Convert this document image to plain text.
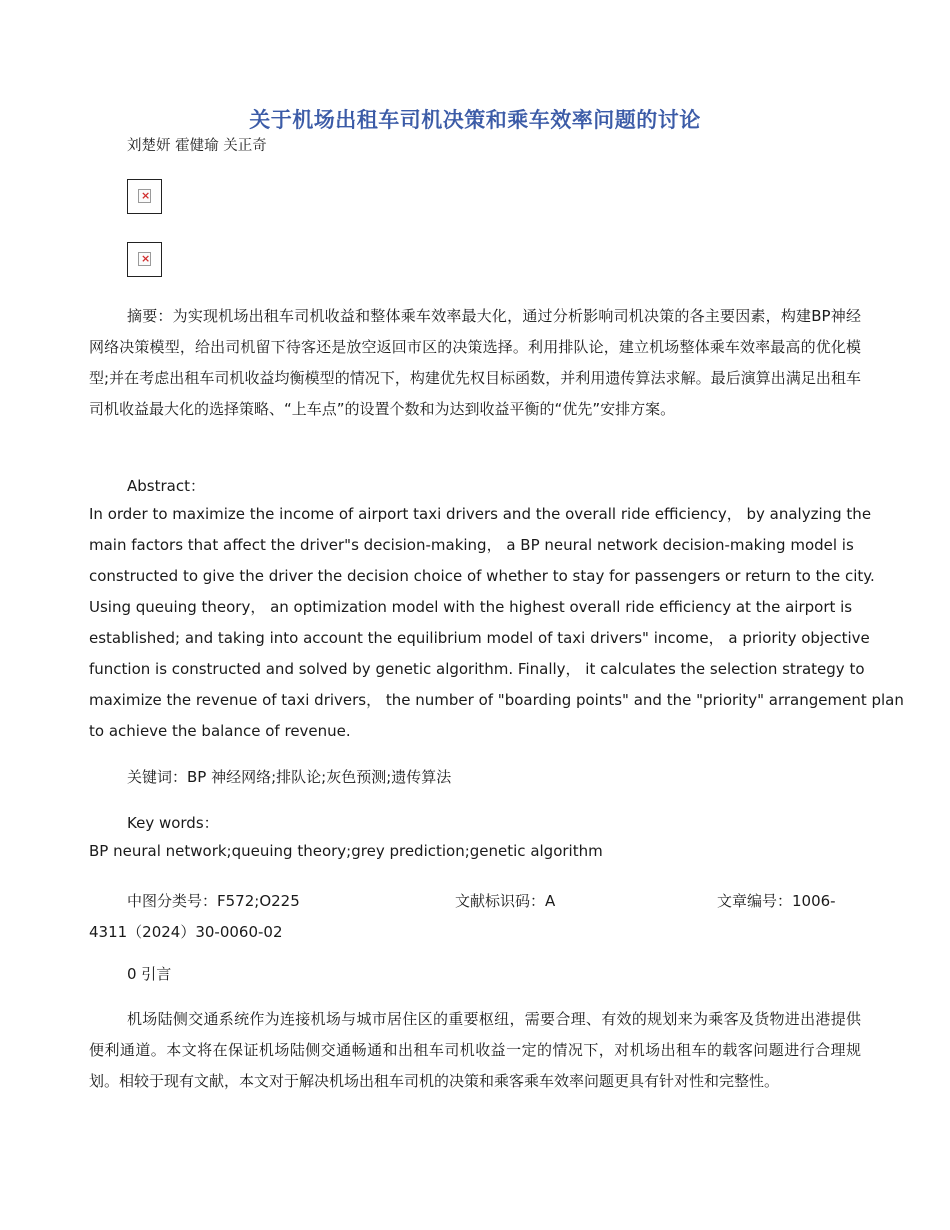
关于机场出租车司机决策和乘车效率问题的讨论
刘楚妍 霍健瑜 关正奇
×
×
摘要：为实现机场出租车司机收益和整体乘车效率最大化，通过分析影响司机决策的各主要因素，构建BP神经网络决策模型，给出司机留下待客还是放空返回市区的决策选择。利用排队论，建立机场整体乘车效率最高的优化模型;并在考虑出租车司机收益均衡模型的情况下，构建优先权目标函数，并利用遗传算法求解。最后演算出满足出租车司机收益最大化的选择策略、“上车点”的设置个数和为达到收益平衡的“优先”安排方案。
Abstract：
In order to maximize the income of airport taxi drivers and the overall ride efficiency， by analyzing the
main factors that affect the driver"s decision-making， a BP neural network decision-making model is
constructed to give the driver the decision choice of whether to stay for passengers or return to the city.
Using queuing theory， an optimization model with the highest overall ride efficiency at the airport is
established; and taking into account the equilibrium model of taxi drivers" income， a priority objective
function is constructed and solved by genetic algorithm. Finally， it calculates the selection strategy to
maximize the revenue of taxi drivers， the number of "boarding points" and the "priority" arrangement plan
to achieve the balance of revenue.
关键词：BP 神经网络;排队论;灰色预测;遗传算法
Key words：
BP neural network;queuing theory;grey prediction;genetic algorithm
中图分类号：F572;O225	文献标识码：A	文章编号：1006-
4311（2024）30-0060-02
0 引言
机场陆侧交通系统作为连接机场与城市居住区的重要枢纽，需要合理、有效的规划来为乘客及货物进出港提供便利通道。本文将在保证机场陆侧交通畅通和出租车司机收益一定的情况下，对机场出租车的载客问题进行合理规划。相较于现有文献，本文对于解决机场出租车司机的决策和乘客乘车效率问题更具有针对性和完整性。
